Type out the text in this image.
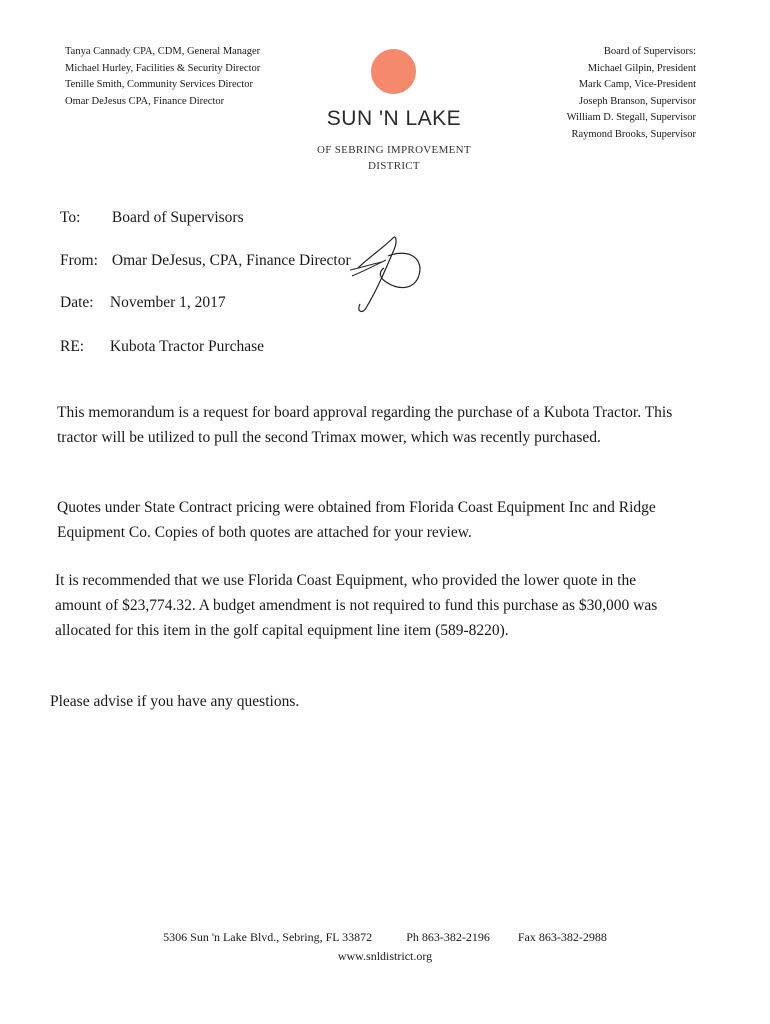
Tanya Cannady CPA, CDM, General Manager
Michael Hurley, Facilities & Security Director
Tenille Smith, Community Services Director
Omar DeJesus CPA, Finance Director
SUN 'N LAKE
OF SEBRING IMPROVEMENT
DISTRICT
Board of Supervisors:
Michael Gilpin, President
Mark Camp, Vice-President
Joseph Branson, Supervisor
William D. Stegall, Supervisor
Raymond Brooks, Supervisor
To: Board of Supervisors
From: Omar DeJesus, CPA, Finance Director
Date: November 1, 2017
RE: Kubota Tractor Purchase
This memorandum is a request for board approval regarding the purchase of a Kubota Tractor. This tractor will be utilized to pull the second Trimax mower, which was recently purchased.
Quotes under State Contract pricing were obtained from Florida Coast Equipment Inc and Ridge Equipment Co. Copies of both quotes are attached for your review.
It is recommended that we use Florida Coast Equipment, who provided the lower quote in the amount of $23,774.32. A budget amendment is not required to fund this purchase as $30,000 was allocated for this item in the golf capital equipment line item (589-8220).
Please advise if you have any questions.
5306 Sun 'n Lake Blvd., Sebring, FL 33872	Ph 863-382-2196 Fax 863-382-2988
www.snldistrict.org
